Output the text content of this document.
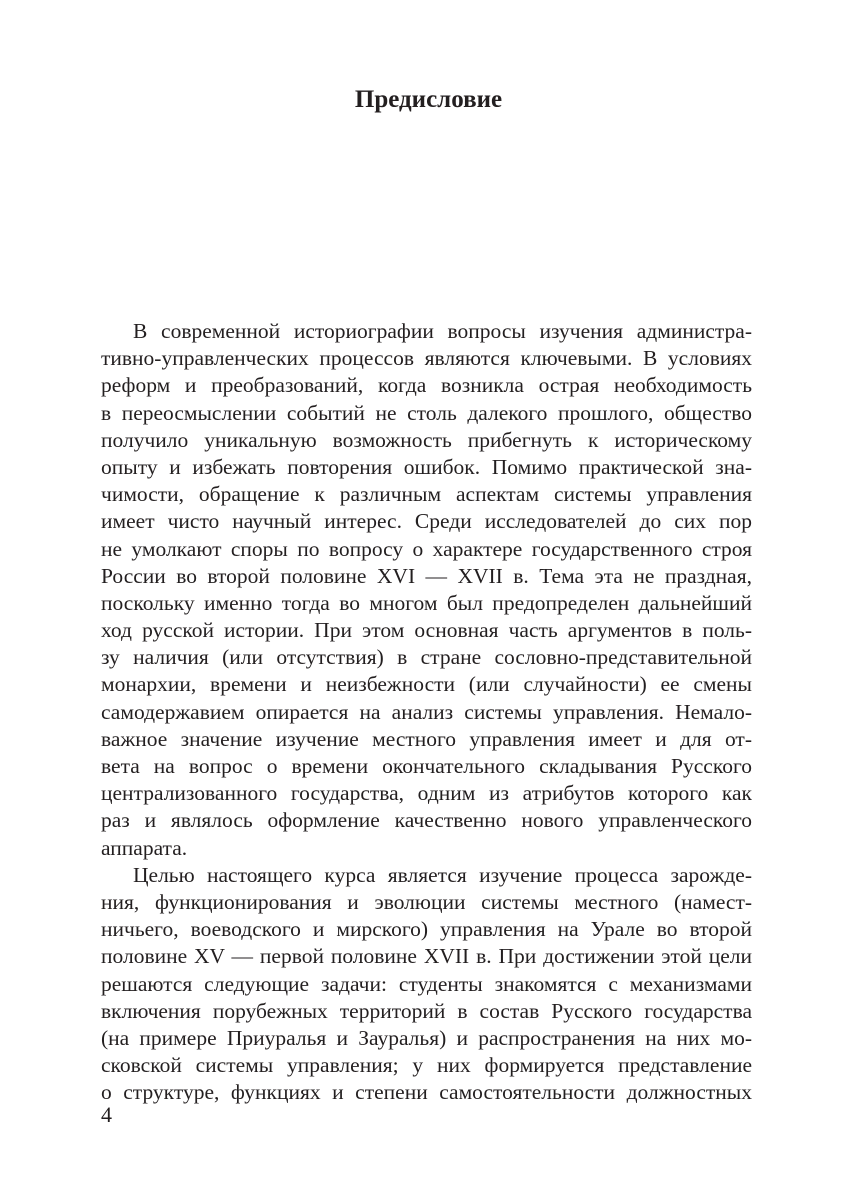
Предисловие
В современной историографии вопросы изучения администра-
тивно-управленческих процессов являются ключевыми. В условиях
реформ и преобразований, когда возникла острая необходимость
в переосмыслении событий не столь далекого прошлого, общество
получило уникальную возможность прибегнуть к историческому
опыту и избежать повторения ошибок. Помимо практической зна-
чимости, обращение к различным аспектам системы управления
имеет чисто научный интерес. Среди исследователей до сих пор
не умолкают споры по вопросу о характере государственного строя
России во второй половине XVI — XVII в. Тема эта не праздная,
поскольку именно тогда во многом был предопределен дальнейший
ход русской истории. При этом основная часть аргументов в поль-
зу наличия (или отсутствия) в стране сословно-представительной
монархии, времени и неизбежности (или случайности) ее смены
самодержавием опирается на анализ системы управления. Немало-
важное значение изучение местного управления имеет и для от-
вета на вопрос о времени окончательного складывания Русского
централизованного государства, одним из атрибутов которого как
раз и являлось оформление качественно нового управленческого
аппарата.
Целью настоящего курса является изучение процесса зарожде-
ния, функционирования и эволюции системы местного (намест-
ничьего, воеводского и мирского) управления на Урале во второй
половине XV — первой половине XVII в. При достижении этой цели
решаются следующие задачи: студенты знакомятся с механизмами
включения порубежных территорий в состав Русского государства
(на примере Приуралья и Зауралья) и распространения на них мо-
сковской системы управления; у них формируется представление
о структуре, функциях и степени самостоятельности должностных
4
